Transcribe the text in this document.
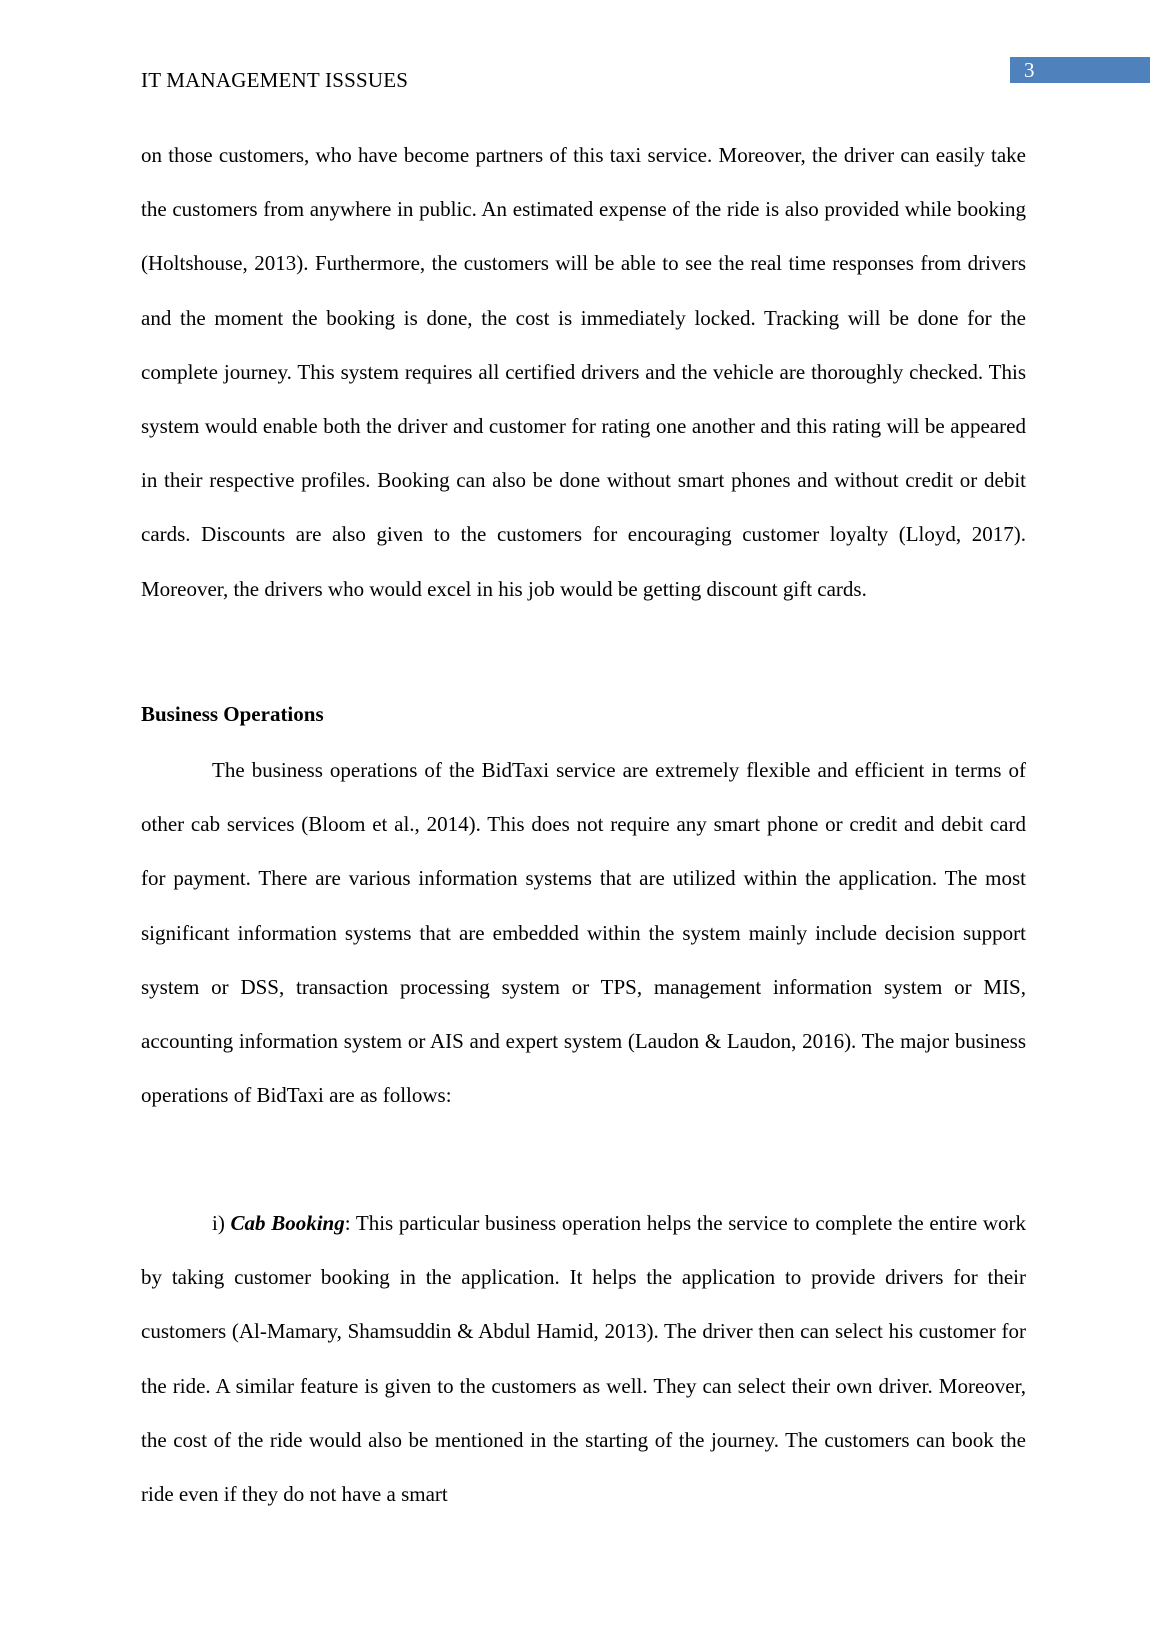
IT MANAGEMENT ISSSUES	3

on those customers, who have become partners of this taxi service. Moreover, the driver can easily take the customers from anywhere in public. An estimated expense of the ride is also provided while booking (Holtshouse, 2013). Furthermore, the customers will be able to see the real time responses from drivers and the moment the booking is done, the cost is immediately locked. Tracking will be done for the complete journey. This system requires all certified drivers and the vehicle are thoroughly checked. This system would enable both the driver and customer for rating one another and this rating will be appeared in their respective profiles. Booking can also be done without smart phones and without credit or debit cards. Discounts are also given to the customers for encouraging customer loyalty (Lloyd, 2017). Moreover, the drivers who would excel in his job would be getting discount gift cards.

Business Operations

The business operations of the BidTaxi service are extremely flexible and efficient in terms of other cab services (Bloom et al., 2014). This does not require any smart phone or credit and debit card for payment. There are various information systems that are utilized within the application. The most significant information systems that are embedded within the system mainly include decision support system or DSS, transaction processing system or TPS, management information system or MIS, accounting information system or AIS and expert system (Laudon & Laudon, 2016). The major business operations of BidTaxi are as follows:

i) Cab Booking: This particular business operation helps the service to complete the entire work by taking customer booking in the application. It helps the application to provide drivers for their customers (Al-Mamary, Shamsuddin & Abdul Hamid, 2013). The driver then can select his customer for the ride. A similar feature is given to the customers as well. They can select their own driver. Moreover, the cost of the ride would also be mentioned in the starting of the journey. The customers can book the ride even if they do not have a smart
